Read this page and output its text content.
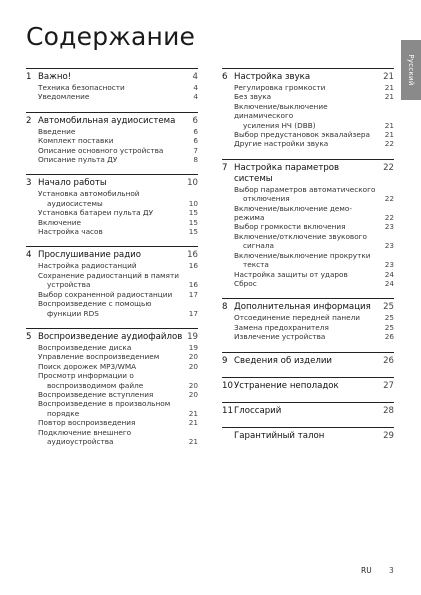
Содержание
Русский
1 Важно!	4
Техника безопасности	4
Уведомление	4
2 Автомобильная аудиосистема	6
Введение	6
Комплект поставки	6
Описание основного устройства	7
Описание пульта ДУ	8
3 Начало работы	10
Установка автомобильной
аудиосистемы	10
Установка батареи пульта ДУ	15
Включение	15
Настройка часов	15
4 Прослушивание радио	16
Настройка радиостанций	16
Сохранение радиостанций в памяти
устройства	16
Выбор сохраненной радиостанции	17
Воспроизведение с помощью
функции RDS	17
5 Воспроизведение аудиофайлов 19
Воспроизведение диска	19
Управление воспроизведением	20
Поиск дорожек MP3/WMA	20
Просмотр информации о
воспроизводимом файле	20
Воспроизведение вступления	20
Воспроизведение в произвольном
порядке	21
Повтор воспроизведения	21
Подключение внешнего
аудиоустройства	21
6 Настройка звука	21
Регулировка громкости	21
Без звука	21
Включение/выключение динамического
усиления НЧ (DBB)	21
Выбор предустановок эквалайзера	21
Другие настройки звука	22
7 Настройка параметров системы
22
Выбор параметров автоматического
отключения	22
Включение/выключение демо-режима	22
Выбор громкости включения	23
Включение/отключение звукового
сигнала	23
Включение/выключение прокрутки
текста	23
Настройка защиты от ударов	24
Сброс	24
8 Дополнительная информация	25
Отсоединение передней панели	25
Замена предохранителя	25
Извлечение устройства	26
9 Сведения об изделии	26
10 Устранение неполадок	27
11 Глоссарий	28
Гарантийный талон	29
RU 3
